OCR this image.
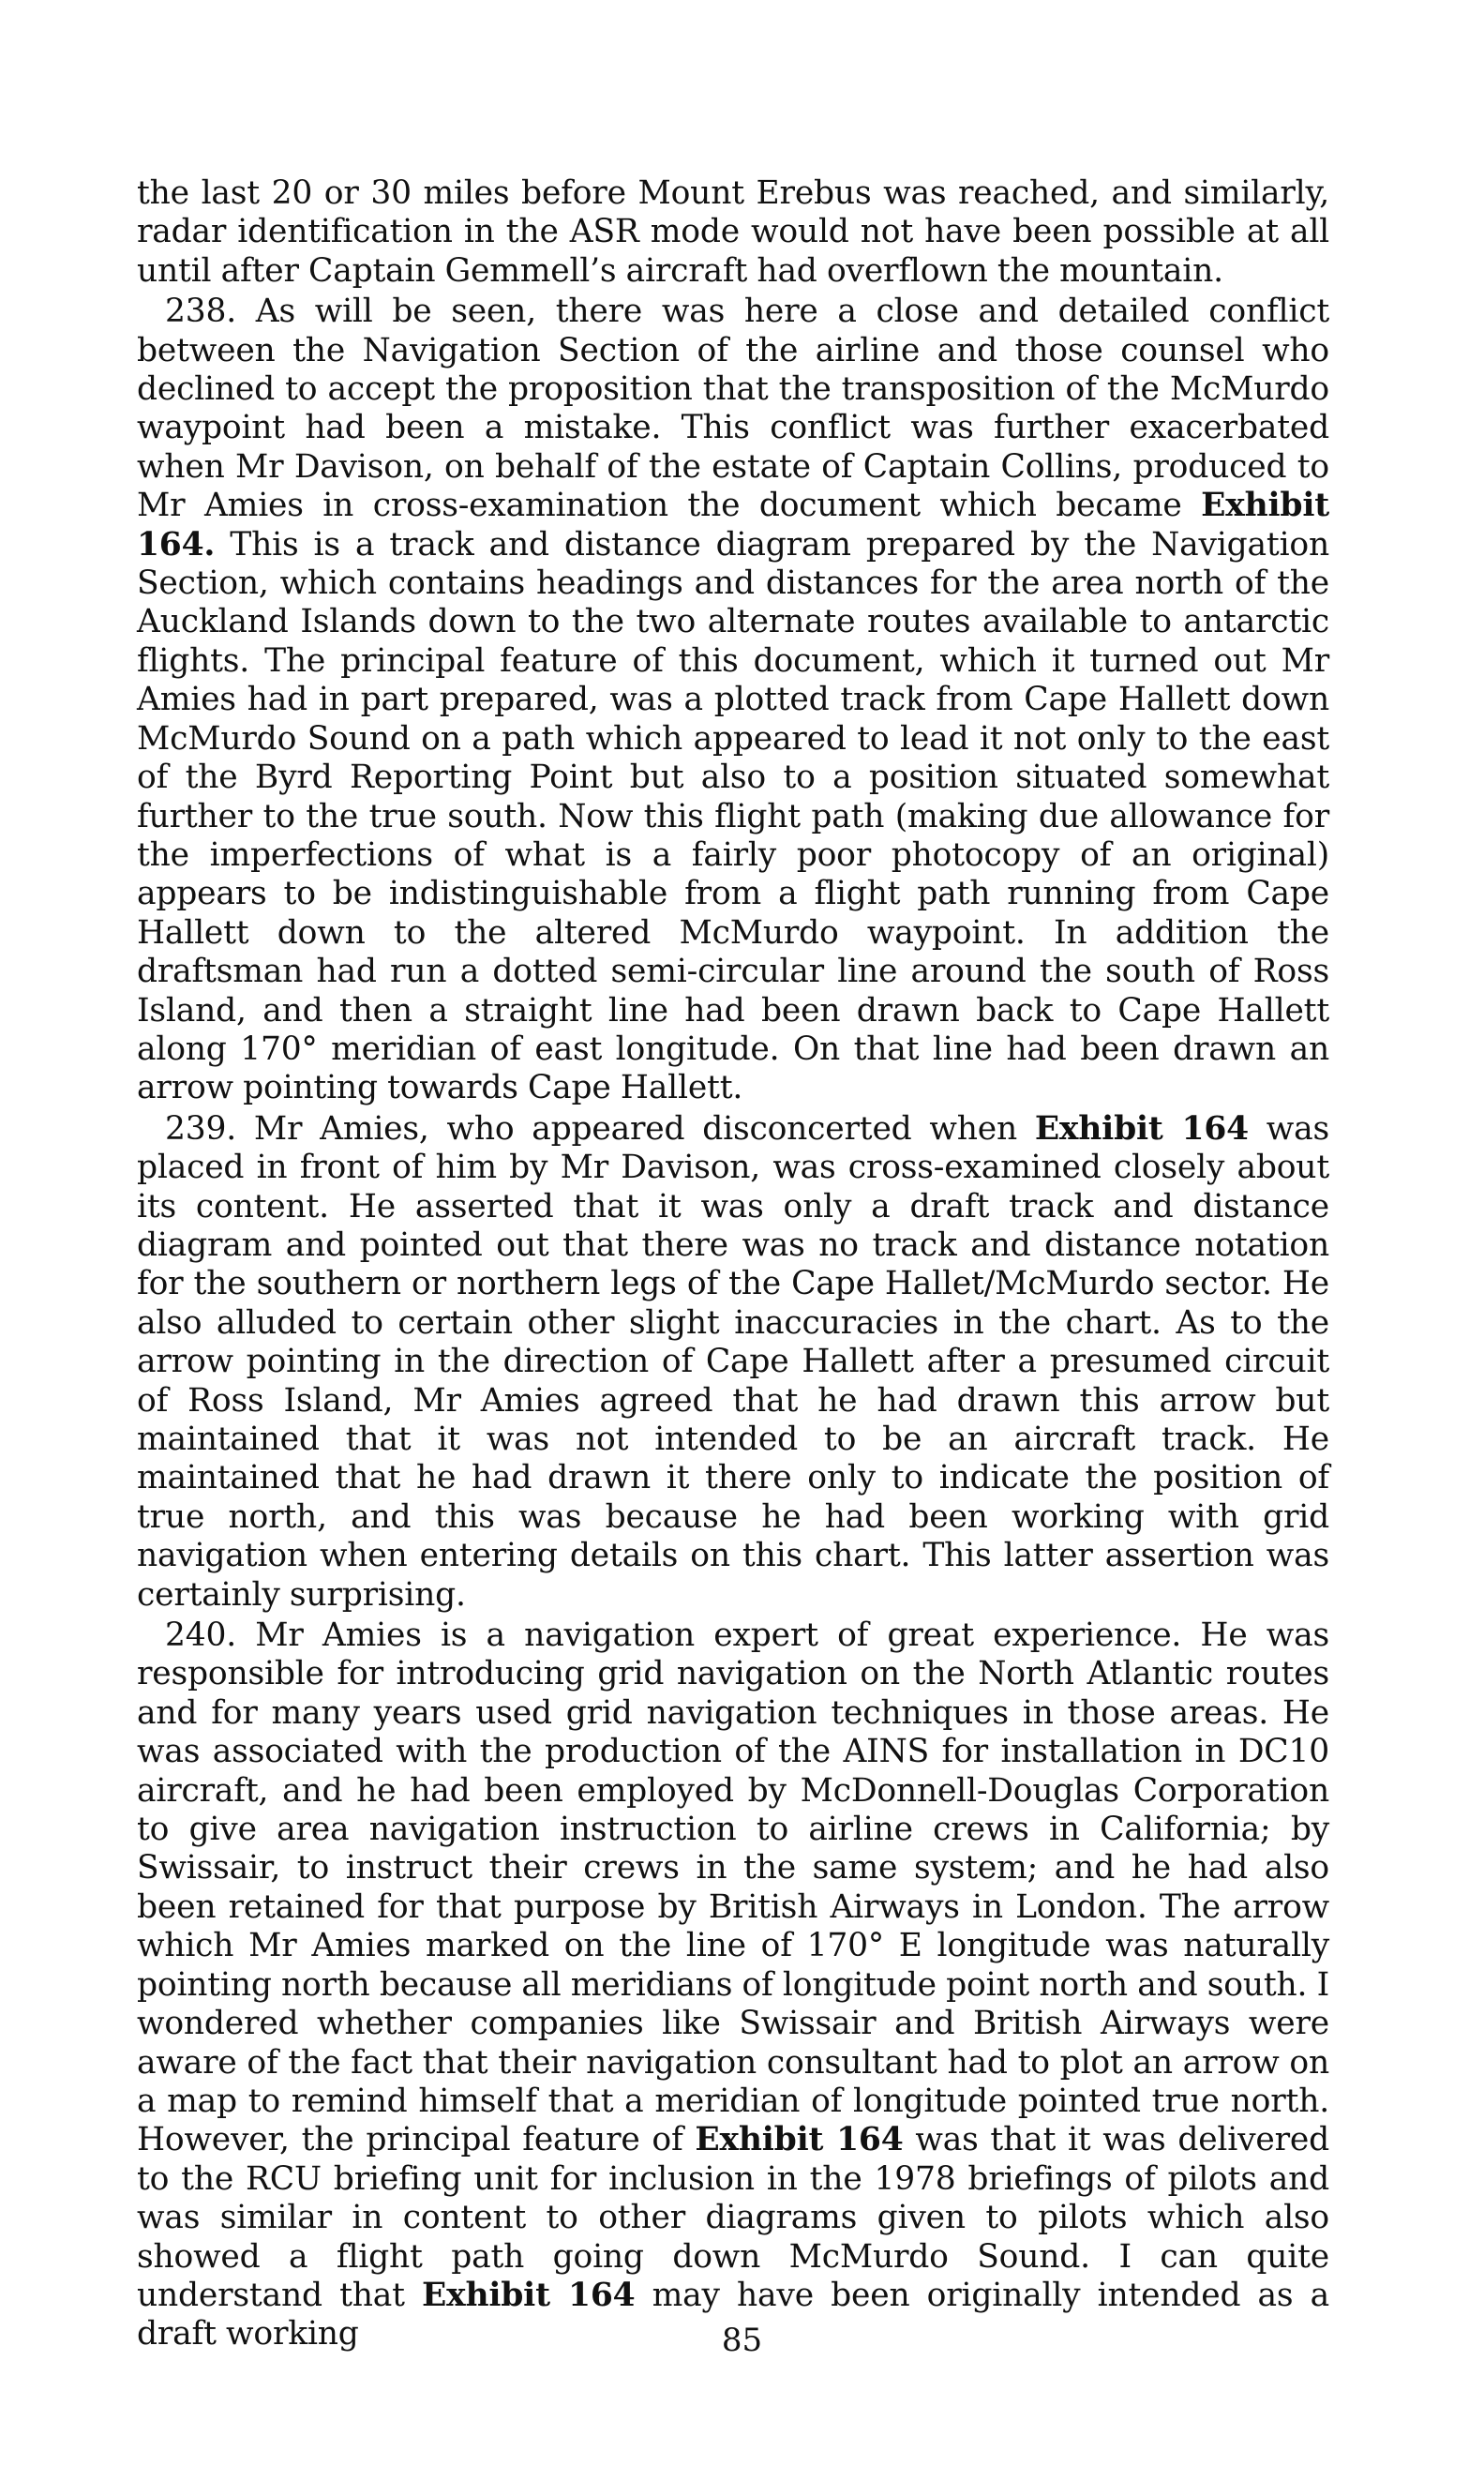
the last 20 or 30 miles before Mount Erebus was reached, and similarly, radar identification in the ASR mode would not have been possible at all until after Captain Gemmell’s aircraft had overflown the mountain.

238. As will be seen, there was here a close and detailed conflict between the Navigation Section of the airline and those counsel who declined to accept the proposition that the transposition of the McMurdo waypoint had been a mistake. This conflict was further exacerbated when Mr Davison, on behalf of the estate of Captain Collins, produced to Mr Amies in cross-examination the document which became Exhibit 164. This is a track and distance diagram prepared by the Navigation Section, which contains headings and distances for the area north of the Auckland Islands down to the two alternate routes available to antarctic flights. The principal feature of this document, which it turned out Mr Amies had in part prepared, was a plotted track from Cape Hallett down McMurdo Sound on a path which appeared to lead it not only to the east of the Byrd Reporting Point but also to a position situated somewhat further to the true south. Now this flight path (making due allowance for the imperfections of what is a fairly poor photocopy of an original) appears to be indistinguishable from a flight path running from Cape Hallett down to the altered McMurdo waypoint. In addition the draftsman had run a dotted semi-circular line around the south of Ross Island, and then a straight line had been drawn back to Cape Hallett along 170° meridian of east longitude. On that line had been drawn an arrow pointing towards Cape Hallett.

239. Mr Amies, who appeared disconcerted when Exhibit 164 was placed in front of him by Mr Davison, was cross-examined closely about its content. He asserted that it was only a draft track and distance diagram and pointed out that there was no track and distance notation for the southern or northern legs of the Cape Hallet/McMurdo sector. He also alluded to certain other slight inaccuracies in the chart. As to the arrow pointing in the direction of Cape Hallett after a presumed circuit of Ross Island, Mr Amies agreed that he had drawn this arrow but maintained that it was not intended to be an aircraft track. He maintained that he had drawn it there only to indicate the position of true north, and this was because he had been working with grid navigation when entering details on this chart. This latter assertion was certainly surprising.

240. Mr Amies is a navigation expert of great experience. He was responsible for introducing grid navigation on the North Atlantic routes and for many years used grid navigation techniques in those areas. He was associated with the production of the AINS for installation in DC10 aircraft, and he had been employed by McDonnell-Douglas Corporation to give area navigation instruction to airline crews in California; by Swissair, to instruct their crews in the same system; and he had also been retained for that purpose by British Airways in London. The arrow which Mr Amies marked on the line of 170° E longitude was naturally pointing north because all meridians of longitude point north and south. I wondered whether companies like Swissair and British Airways were aware of the fact that their navigation consultant had to plot an arrow on a map to remind himself that a meridian of longitude pointed true north. However, the principal feature of Exhibit 164 was that it was delivered to the RCU briefing unit for inclusion in the 1978 briefings of pilots and was similar in content to other diagrams given to pilots which also showed a flight path going down McMurdo Sound. I can quite understand that Exhibit 164 may have been originally intended as a draft working	85
